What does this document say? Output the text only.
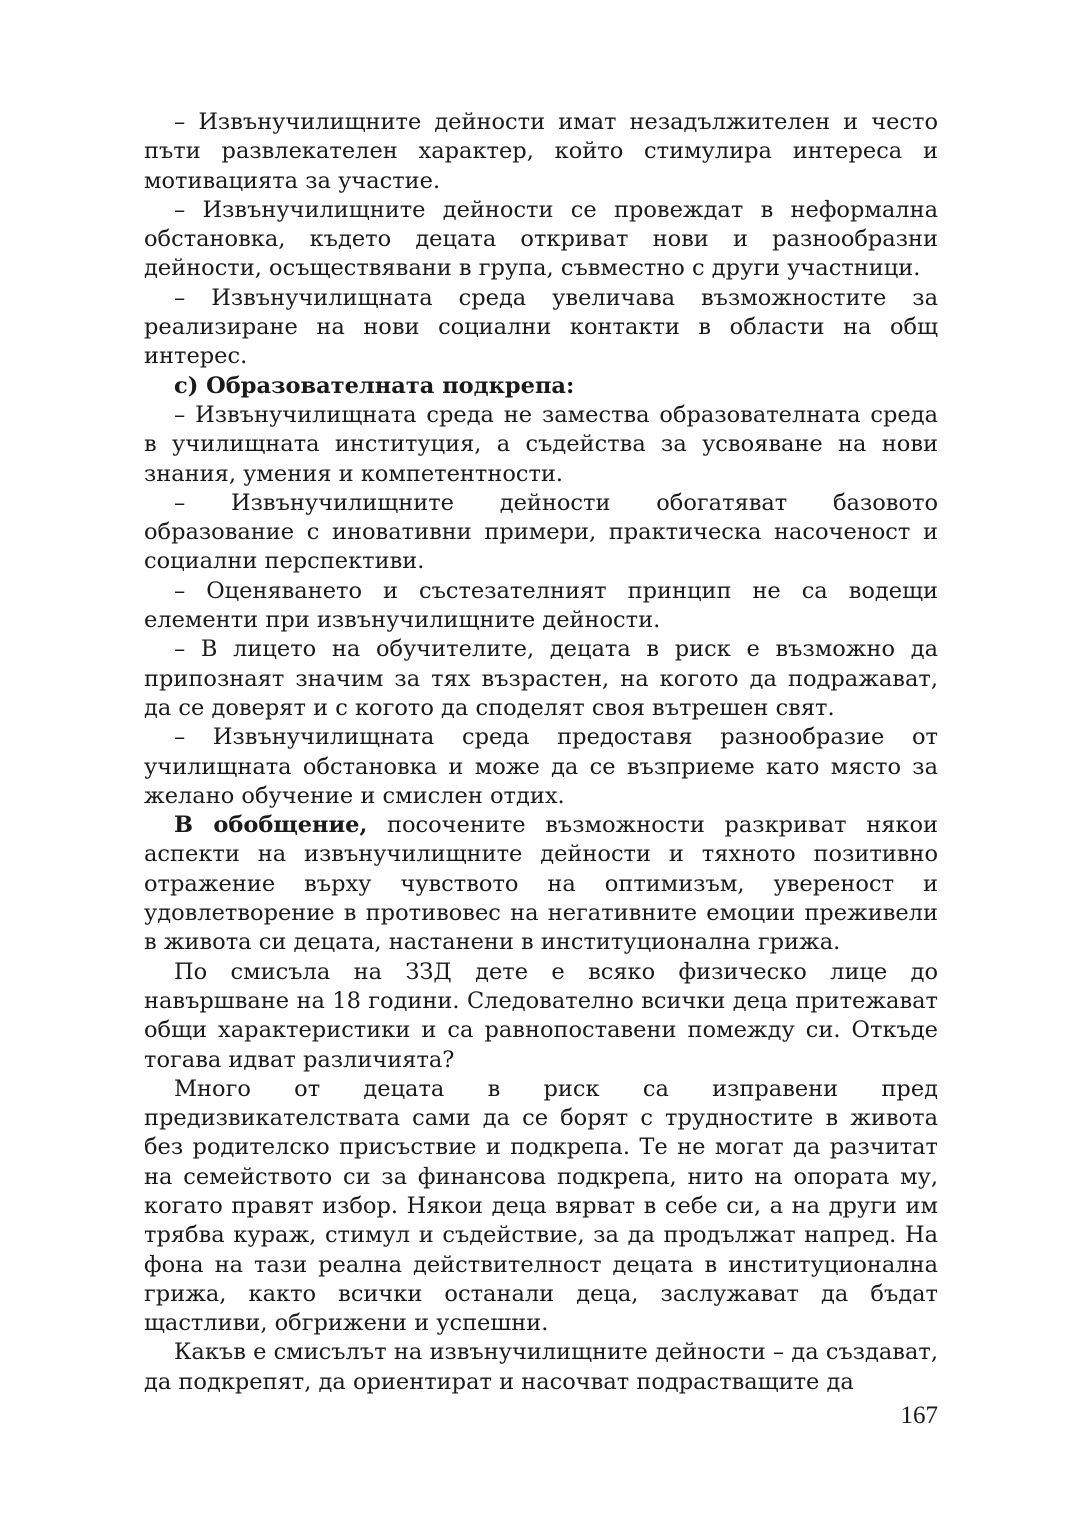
– Извънучилищните дейности имат незадължителен и често пъти развлекателен характер, който стимулира интереса и мотивацията за участие.

– Извънучилищните дейности се провеждат в неформална обстановка, където децата откриват нови и разнообразни дейности, осъществявани в група, съвместно с други участници.

– Извънучилищната среда увеличава възможностите за реализиране на нови социални контакти в области на общ интерес.

с) Образователната подкрепа:

– Извънучилищната среда не замества образователната среда в училищната институция, а съдейства за усвояване на нови знания, умения и компетентности.

– Извънучилищните дейности обогатяват базовото образование с иновативни примери, практическа насоченост и социални перспективи.

– Оценяването и състезателният принцип не са водещи елементи при извънучилищните дейности.

– В лицето на обучителите, децата в риск е възможно да припознаят значим за тях възрастен, на когото да подражават, да се доверят и с когото да споделят своя вътрешен свят.

– Извънучилищната среда предоставя разнообразие от училищната обстановка и може да се възприеме като място за желано обучение и смислен отдих.

В обобщение, посочените възможности разкриват някои аспекти на извънучилищните дейности и тяхното позитивно отражение върху чувството на оптимизъм, увереност и удовлетворение в противовес на негативните емоции преживели в живота си децата, настанени в институционална грижа.

По смисъла на ЗЗД дете е всяко физическо лице до навършване на 18 години. Следователно всички деца притежават общи характеристики и са равнопоставени помежду си. Откъде тогава идват различията?

Много от децата в риск са изправени пред предизвикателствата сами да се борят с трудностите в живота без родителско присъствие и подкрепа. Те не могат да разчитат на семейството си за финансова подкрепа, нито на опората му, когато правят избор. Някои деца вярват в себе си, а на други им трябва кураж, стимул и съдействие, за да продължат напред. На фона на тази реална действителност децата в институционална грижа, както всички останали деца, заслужават да бъдат щастливи, обгрижени и успешни.

Какъв е смисълът на извънучилищните дейности – да създават, да подкрепят, да ориентират и насочват подрастващите да

167
